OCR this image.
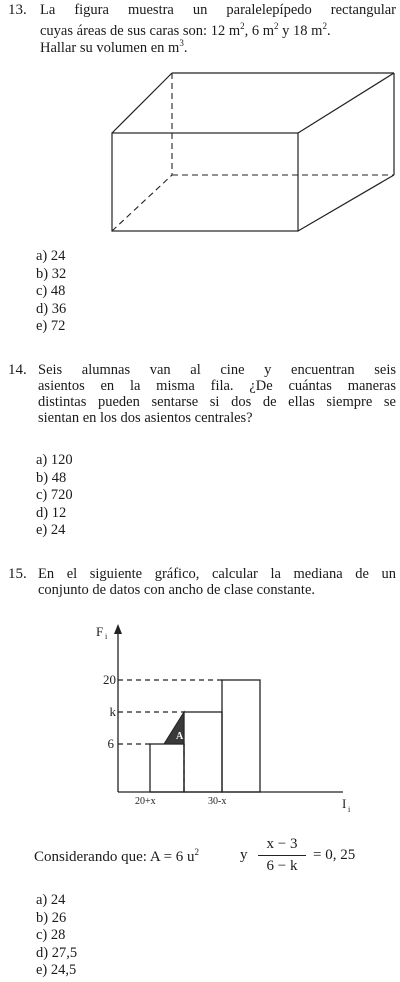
13. La figura muestra un paralelepípedo rectangular
cuyas áreas de sus caras son: 12 $m^2$, 6 $m^2$ y 18 $m^2$.
Hallar su volumen en $m^3$.
a) 24
b) 32
c) 48
d) 36
e) 72
14. Seis alumnas van al cine y encuentran seis
asientos en la misma fila. ¿De cuántas maneras
distintas pueden sentarse si dos de ellas siempre se
sientan en los dos asientos centrales?
a) 120
b) 48
c) 720
d) 12
e) 24
15. En el siguiente gráfico, calcular la mediana de un
conjunto de datos con ancho de clase constante.
A
20
k
6
F i
I i
20+x	30-x
Considerando que: A = 6 $u^2$	y
x − 3
6 − k
= 0, 25
a) 24
b) 26
c) 28
d) 27,5
e) 24,5
